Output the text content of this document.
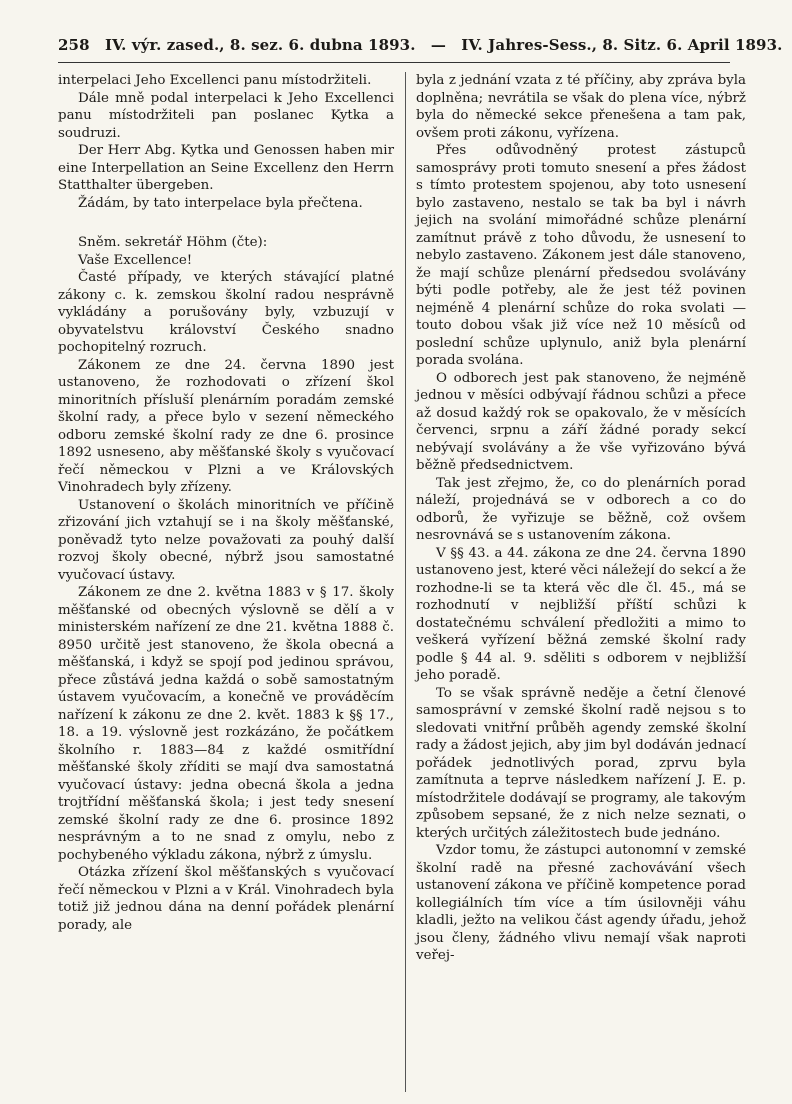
258 IV. výr. zased., 8. sez. 6. dubna 1893. — IV. Jahres-Sess., 8. Sitz. 6. April 1893.

interpelaci Jeho Excellenci panu místodržiteli.

Dále mně podal interpelaci k Jeho Excellenci panu místodržiteli pan poslanec Kytka a soudruzi.

Der Herr Abg. Kytka und Genossen haben mir eine Interpellation an Seine Excellenz den Herrn Statthalter übergeben.

Žádám, by tato interpelace byla přečtena.

Sněm. sekretář Höhm (čte):

Vaše Excellence!

Časté případy, ve kterých stávající platné zákony c. k. zemskou školní radou nesprávně vykládány a porušovány byly, vzbuzují v obyvatelstvu království Českého snadno pochopitelný rozruch.

Zákonem ze dne 24. června 1890 jest ustanoveno, že rozhodovati o zřízení škol minoritních přísluší plenárním poradám zemské školní rady, a přece bylo v sezení německého odboru zemské školní rady ze dne 6. prosince 1892 usneseno, aby měšťanské školy s vyučovací řečí německou v Plzni a ve Královských Vinohradech byly zřízeny.

Ustanovení o školách minoritních ve příčině zřizování jich vztahují se i na školy měšťanské, poněvadž tyto nelze považovati za pouhý další rozvoj školy obecné, nýbrž jsou samostatné vyučovací ústavy.

Zákonem ze dne 2. května 1883 v § 17. školy měšťanské od obecných výslovně se dělí a v ministerském nařízení ze dne 21. května 1888 č. 8950 určitě jest stanoveno, že škola obecná a měšťanská, i když se spojí pod jedinou správou, přece zůstává jedna každá o sobě samostatným ústavem vyučovacím, a konečně ve prováděcím nařízení k zákonu ze dne 2. květ. 1883 k §§ 17., 18. a 19. výslovně jest rozkázáno, že počátkem školního r. 1883—84 z každé osmitřídní měšťanské školy zříditi se mají dva samostatná vyučovací ústavy: jedna obecná škola a jedna trojtřídní měšťanská škola; i jest tedy snesení zemské školní rady ze dne 6. prosince 1892 nesprávným a to ne snad z omylu, nebo z pochybeného výkladu zákona, nýbrž z úmyslu.

Otázka zřízení škol měšťanských s vyučovací řečí německou v Plzni a v Král. Vinohradech byla totiž již jednou dána na denní pořádek plenární porady, ale

byla z jednání vzata z té příčiny, aby zpráva byla doplněna; nevrátila se však do plena více, nýbrž byla do německé sekce přenešena a tam pak, ovšem proti zákonu, vyřízena.

Přes odůvodněný protest zástupců samosprávy proti tomuto snesení a přes žádost s tímto protestem spojenou, aby toto usnesení bylo zastaveno, nestalo se tak ba byl i návrh jejich na svolání mimořádné schůze plenární zamítnut právě z toho důvodu, že usnesení to nebylo zastaveno. Zákonem jest dále stanoveno, že mají schůze plenární předsedou svolávány býti podle potřeby, ale že jest též povinen nejméně 4 plenární schůze do roka svolati — touto dobou však již více než 10 měsíců od poslední schůze uplynulo, aniž byla plenární porada svolána.

O odborech jest pak stanoveno, že nejméně jednou v měsíci odbývají řádnou schůzi a přece až dosud každý rok se opakovalo, že v měsících červenci, srpnu a září žádné porady sekcí nebývají svolávány a že vše vyřizováno bývá běžně předsednictvem.

Tak jest zřejmo, že, co do plenárních porad náleží, projednává se v odborech a co do odborů, že vyřizuje se běžně, což ovšem nesrovnává se s ustanovením zákona.

V §§ 43. a 44. zákona ze dne 24. června 1890 ustanoveno jest, které věci náležejí do sekcí a že rozhodne-li se ta která věc dle čl. 45., má se rozhodnutí v nejbližší příští schůzi k dostatečnému schválení předložiti a mimo to veškerá vyřízení běžná zemské školní rady podle § 44 al. 9. sděliti s odborem v nejbližší jeho poradě.

To se však správně neděje a četní členové samosprávní v zemské školní radě nejsou s to sledovati vnitřní průběh agendy zemské školní rady a žádost jejich, aby jim byl dodáván jednací pořádek jednotlivých porad, zprvu byla zamítnuta a teprve následkem nařízení J. E. p. místodržitele dodávají se programy, ale takovým způsobem sepsané, že z nich nelze seznati, o kterých určitých záležitostech bude jednáno.

Vzdor tomu, že zástupci autonomní v zemské školní radě na přesné zachovávání všech ustanovení zákona ve příčině kompetence porad kollegiálních tím více a tím úsilovněji váhu kladli, ježto na velikou část agendy úřadu, jehož jsou členy, žádného vlivu nemají však naproti veřej-
